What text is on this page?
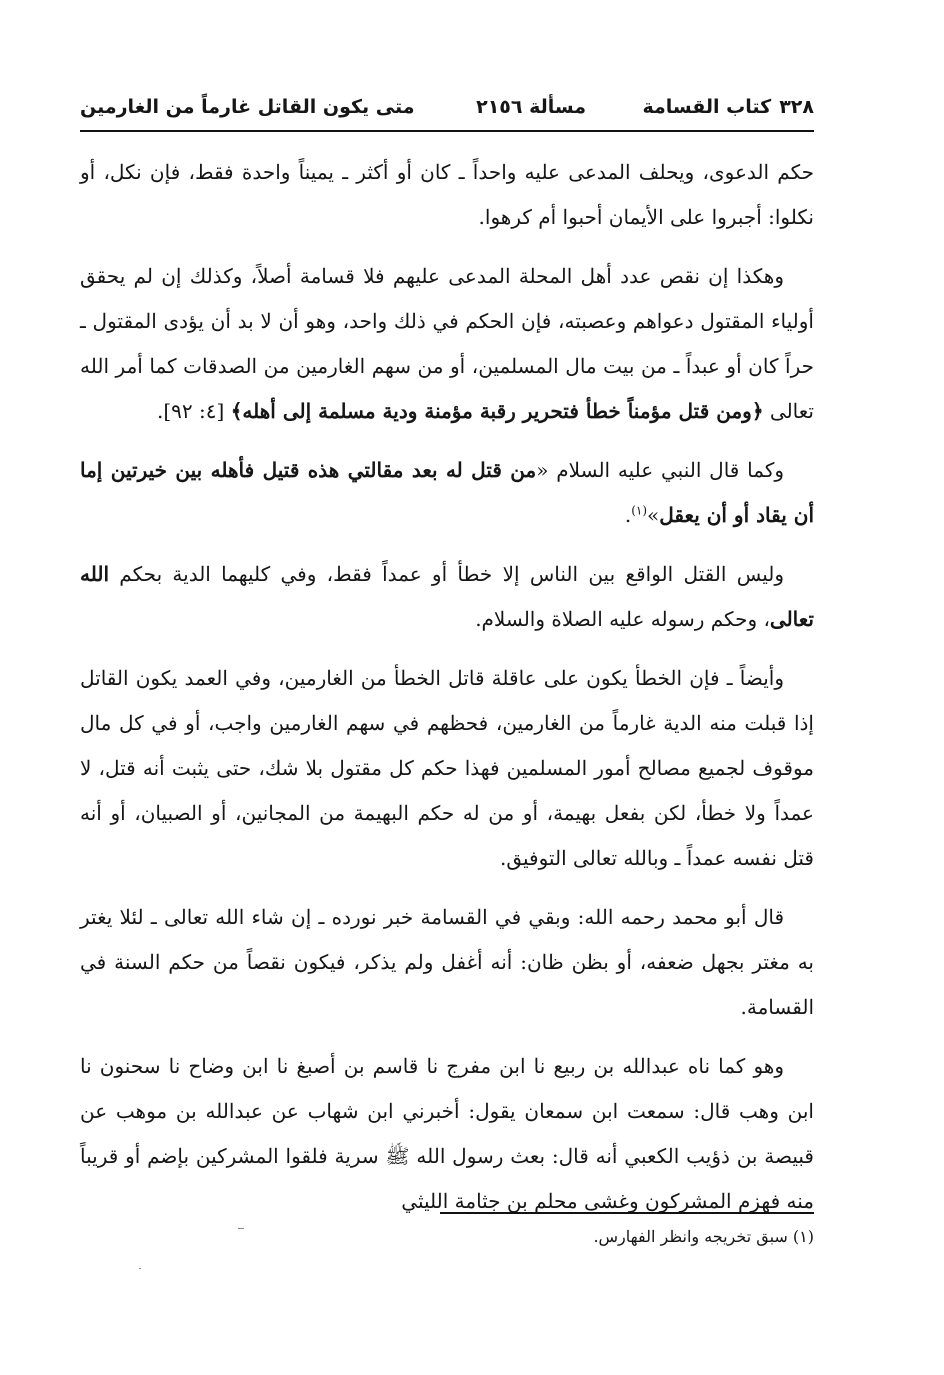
٣٢٨كتاب القسامة
مسألة ٢١٥٦
متى يكون القاتل غارماً من الغارمين

حكم الدعوى، ويحلف المدعى عليه واحداً ـ كان أو أكثر ـ يميناً واحدة فقط، فإن نكل، أو نكلوا: أجبروا على الأيمان أحبوا أم كرهوا.

وهكذا إن نقص عدد أهل المحلة المدعى عليهم فلا قسامة أصلاً، وكذلك إن لم يحقق أولياء المقتول دعواهم وعصبته، فإن الحكم في ذلك واحد، وهو أن لا بد أن يؤدى المقتول ـ حراً كان أو عبداً ـ من بيت مال المسلمين، أو من سهم الغارمين من الصدقات كما أمر الله تعالى ﴿ومن قتل مؤمناً خطأ فتحرير رقبة مؤمنة ودية مسلمة إلى أهله﴾ [٤: ٩٢].

وكما قال النبي عليه السلام «من قتل له بعد مقالتي هذه قتيل فأهله بين خيرتين إما أن يقاد أو أن يعقل»$^{(١)}$.

وليس القتل الواقع بين الناس إلا خطأ أو عمداً فقط، وفي كليهما الدية بحكم الله تعالى، وحكم رسوله عليه الصلاة والسلام.

وأيضاً ـ فإن الخطأ يكون على عاقلة قاتل الخطأ من الغارمين، وفي العمد يكون القاتل إذا قبلت منه الدية غارماً من الغارمين، فحظهم في سهم الغارمين واجب، أو في كل مال موقوف لجميع مصالح أمور المسلمين فهذا حكم كل مقتول بلا شك، حتى يثبت أنه قتل، لا عمداً ولا خطأ، لكن بفعل بهيمة، أو من له حكم البهيمة من المجانين، أو الصبيان، أو أنه قتل نفسه عمداً ـ وبالله تعالى التوفيق.

قال أبو محمد رحمه الله: وبقي في القسامة خبر نورده ـ إن شاء الله تعالى ـ لئلا يغتر به مغتر بجهل ضعفه، أو بظن ظان: أنه أغفل ولم يذكر، فيكون نقصاً من حكم السنة في القسامة.

وهو كما ناه عبدالله بن ربيع نا ابن مفرج نا قاسم بن أصبغ نا ابن وضاح نا سحنون نا ابن وهب قال: سمعت ابن سمعان يقول: أخبرني ابن شهاب عن عبدالله بن موهب عن قبيصة بن ذؤيب الكعبي أنه قال: بعث رسول الله ﷺ سرية فلقوا المشركين بإضم أو قريباً منه فهزم المشركون وغشى محلم بن جثامة الليثي

(١) سبق تخريجه وانظر الفهارس.
